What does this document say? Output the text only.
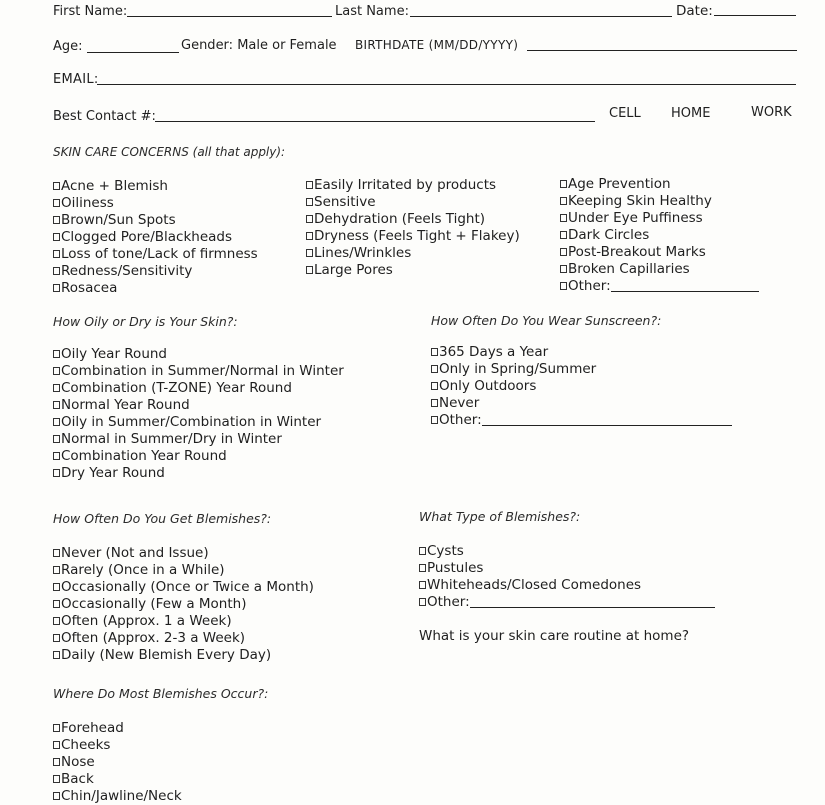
First Name:	Last Name:	Date:
Age:	Gender: Male or Female BIRTHDATE (MM/DD/YYYY)
EMAIL:
Best Contact #:	CELL HOME	WORK
SKIN CARE CONCERNS (all that apply):
Acne + Blemish
Oiliness
Brown/Sun Spots
Clogged Pore/Blackheads
Loss of tone/Lack of firmness
Redness/Sensitivity
Rosacea
Easily Irritated by products
Sensitive
Dehydration (Feels Tight)
Dryness (Feels Tight + Flakey)
Lines/Wrinkles
Large Pores
Age Prevention
Keeping Skin Healthy
Under Eye Puffiness
Dark Circles
Post-Breakout Marks
Broken Capillaries
Other:
How Oily or Dry is Your Skin?:
Oily Year Round
Combination in Summer/Normal in Winter
Combination (T-ZONE) Year Round
Normal Year Round
Oily in Summer/Combination in Winter
Normal in Summer/Dry in Winter
Combination Year Round
Dry Year Round
How Often Do You Wear Sunscreen?:
365 Days a Year
Only in Spring/Summer
Only Outdoors
Never
Other:
How Often Do You Get Blemishes?:
Never (Not and Issue)
Rarely (Once in a While)
Occasionally (Once or Twice a Month)
Occasionally (Few a Month)
Often (Approx. 1 a Week)
Often (Approx. 2-3 a Week)
Daily (New Blemish Every Day)
What Type of Blemishes?:
Cysts
Pustules
Whiteheads/Closed Comedones
Other:
What is your skin care routine at home?
Where Do Most Blemishes Occur?:
Forehead
Cheeks
Nose
Back
Chin/Jawline/Neck
